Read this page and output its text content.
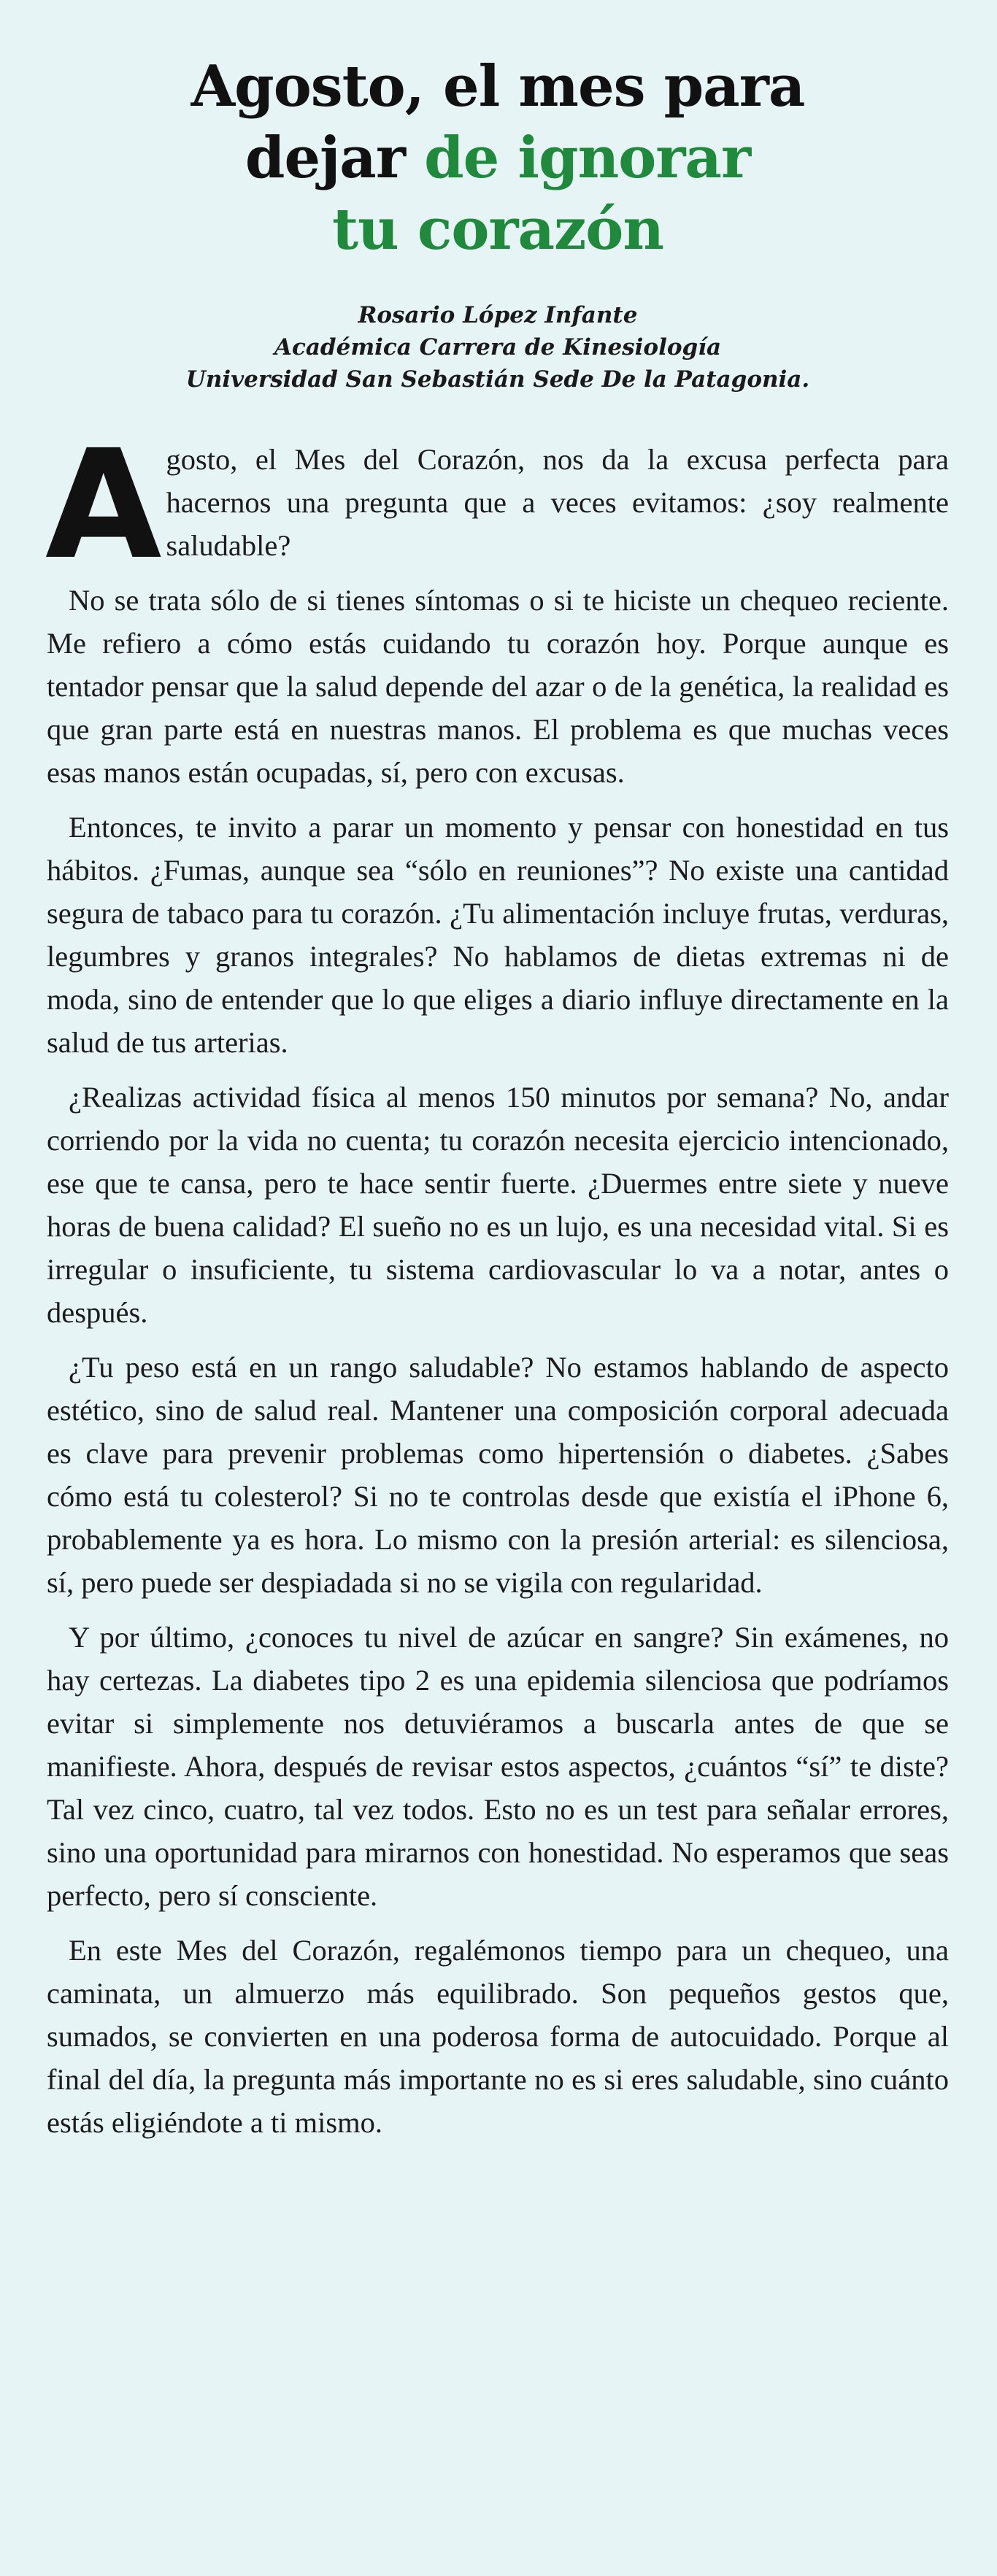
Agosto, el mes para
dejar de ignorar
tu corazón
Rosario López Infante
Académica Carrera de Kinesiología
Universidad San Sebastián Sede De la Patagonia.

Agosto, el Mes del Corazón, nos da la excusa perfecta para hacernos una pregunta que a veces evitamos: ¿soy realmente saludable?

No se trata sólo de si tienes síntomas o si te hiciste un chequeo reciente. Me refiero a cómo estás cuidando tu corazón hoy. Porque aunque es tentador pensar que la salud depende del azar o de la genética, la realidad es que gran parte está en nuestras manos. El problema es que muchas veces esas manos están ocupadas, sí, pero con excusas.

Entonces, te invito a parar un momento y pensar con honestidad en tus hábitos. ¿Fumas, aunque sea “sólo en reuniones”? No existe una cantidad segura de tabaco para tu corazón. ¿Tu alimentación incluye frutas, verduras, legumbres y granos integrales? No hablamos de dietas extremas ni de moda, sino de entender que lo que eliges a diario influye directamente en la salud de tus arterias.

¿Realizas actividad física al menos 150 minutos por semana? No, andar corriendo por la vida no cuenta; tu corazón necesita ejercicio intencionado, ese que te cansa, pero te hace sentir fuerte. ¿Duermes entre siete y nueve horas de buena calidad? El sueño no es un lujo, es una necesidad vital. Si es irregular o insuficiente, tu sistema cardiovascular lo va a notar, antes o después.

¿Tu peso está en un rango saludable? No estamos hablando de aspecto estético, sino de salud real. Mantener una composición corporal adecuada es clave para prevenir problemas como hipertensión o diabetes. ¿Sabes cómo está tu colesterol? Si no te controlas desde que existía el iPhone 6, probablemente ya es hora. Lo mismo con la presión arterial: es silenciosa, sí, pero puede ser despiadada si no se vigila con regularidad.

Y por último, ¿conoces tu nivel de azúcar en sangre? Sin exámenes, no hay certezas. La diabetes tipo 2 es una epidemia silenciosa que podríamos evitar si simplemente nos detuviéramos a buscarla antes de que se manifieste. Ahora, después de revisar estos aspectos, ¿cuántos “sí” te diste? Tal vez cinco, cuatro, tal vez todos. Esto no es un test para señalar errores, sino una oportunidad para mirarnos con honestidad. No esperamos que seas perfecto, pero sí consciente.

En este Mes del Corazón, regalémonos tiempo para un chequeo, una caminata, un almuerzo más equilibrado. Son pequeños gestos que, sumados, se convierten en una poderosa forma de autocuidado. Porque al final del día, la pregunta más importante no es si eres saludable, sino cuánto estás eligiéndote a ti mismo.
